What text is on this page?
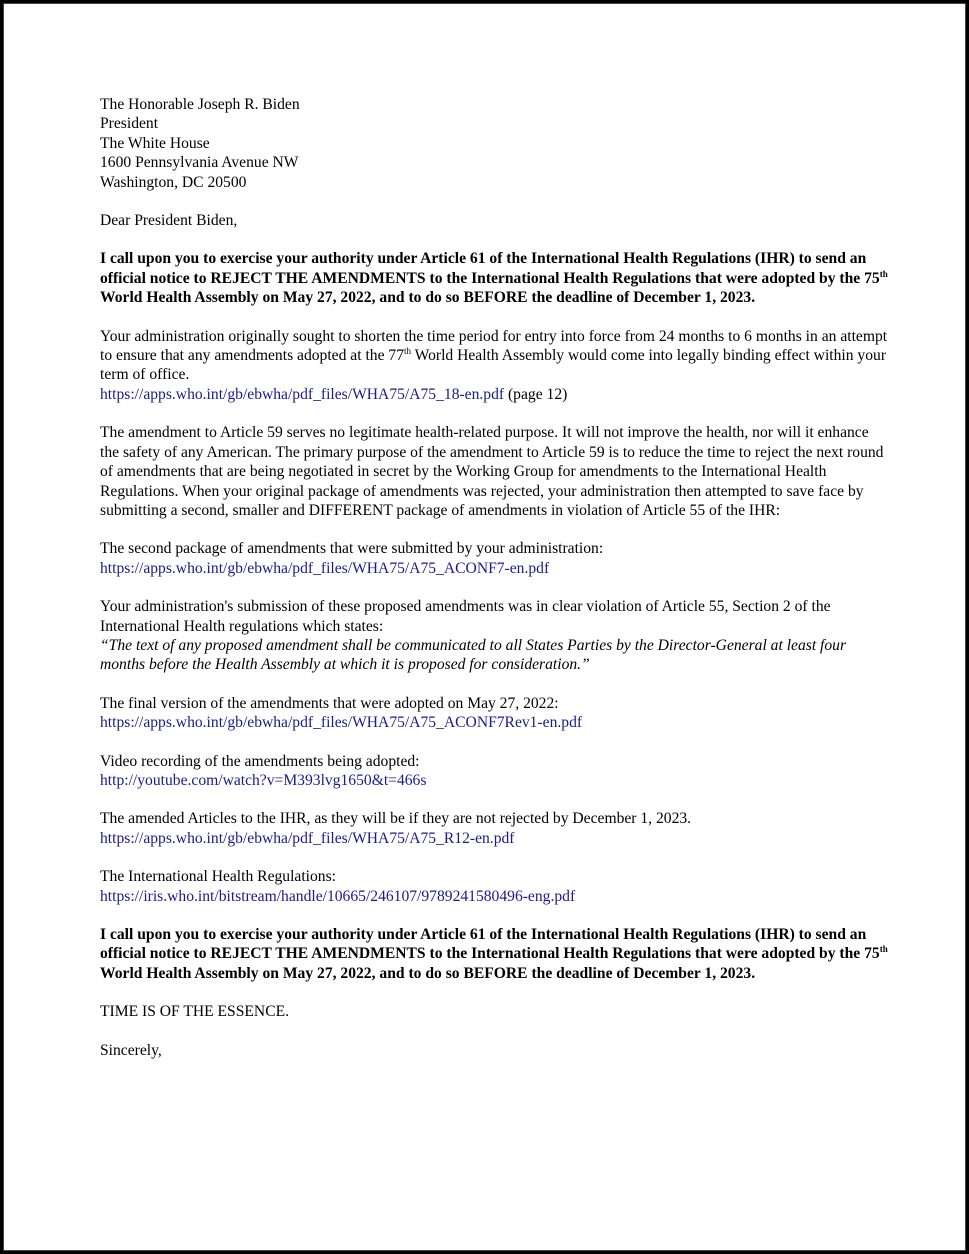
The Honorable Joseph R. Biden
President
The White House
1600 Pennsylvania Avenue NW
Washington, DC 20500

Dear President Biden,

I call upon you to exercise your authority under Article 61 of the International Health Regulations (IHR) to send an official notice to REJECT THE AMENDMENTS to the International Health Regulations that were adopted by the 75th World Health Assembly on May 27, 2022, and to do so BEFORE the deadline of December 1, 2023.

Your administration originally sought to shorten the time period for entry into force from 24 months to 6 months in an attempt to ensure that any amendments adopted at the 77th World Health Assembly would come into legally binding effect within your term of office.
https://apps.who.int/gb/ebwha/pdf_files/WHA75/A75_18-en.pdf (page 12)

The amendment to Article 59 serves no legitimate health-related purpose. It will not improve the health, nor will it enhance the safety of any American. The primary purpose of the amendment to Article 59 is to reduce the time to reject the next round of amendments that are being negotiated in secret by the Working Group for amendments to the International Health Regulations. When your original package of amendments was rejected, your administration then attempted to save face by submitting a second, smaller and DIFFERENT package of amendments in violation of Article 55 of the IHR:

The second package of amendments that were submitted by your administration:
https://apps.who.int/gb/ebwha/pdf_files/WHA75/A75_ACONF7-en.pdf

Your administration's submission of these proposed amendments was in clear violation of Article 55, Section 2 of the International Health regulations which states:
“The text of any proposed amendment shall be communicated to all States Parties by the Director-General at least four months before the Health Assembly at which it is proposed for consideration.”

The final version of the amendments that were adopted on May 27, 2022:
https://apps.who.int/gb/ebwha/pdf_files/WHA75/A75_ACONF7Rev1-en.pdf

Video recording of the amendments being adopted:
http://youtube.com/watch?v=M393lvg1650&t=466s

The amended Articles to the IHR, as they will be if they are not rejected by December 1, 2023.
https://apps.who.int/gb/ebwha/pdf_files/WHA75/A75_R12-en.pdf

The International Health Regulations:
https://iris.who.int/bitstream/handle/10665/246107/9789241580496-eng.pdf

I call upon you to exercise your authority under Article 61 of the International Health Regulations (IHR) to send an official notice to REJECT THE AMENDMENTS to the International Health Regulations that were adopted by the 75th World Health Assembly on May 27, 2022, and to do so BEFORE the deadline of December 1, 2023.

TIME IS OF THE ESSENCE.

Sincerely,
